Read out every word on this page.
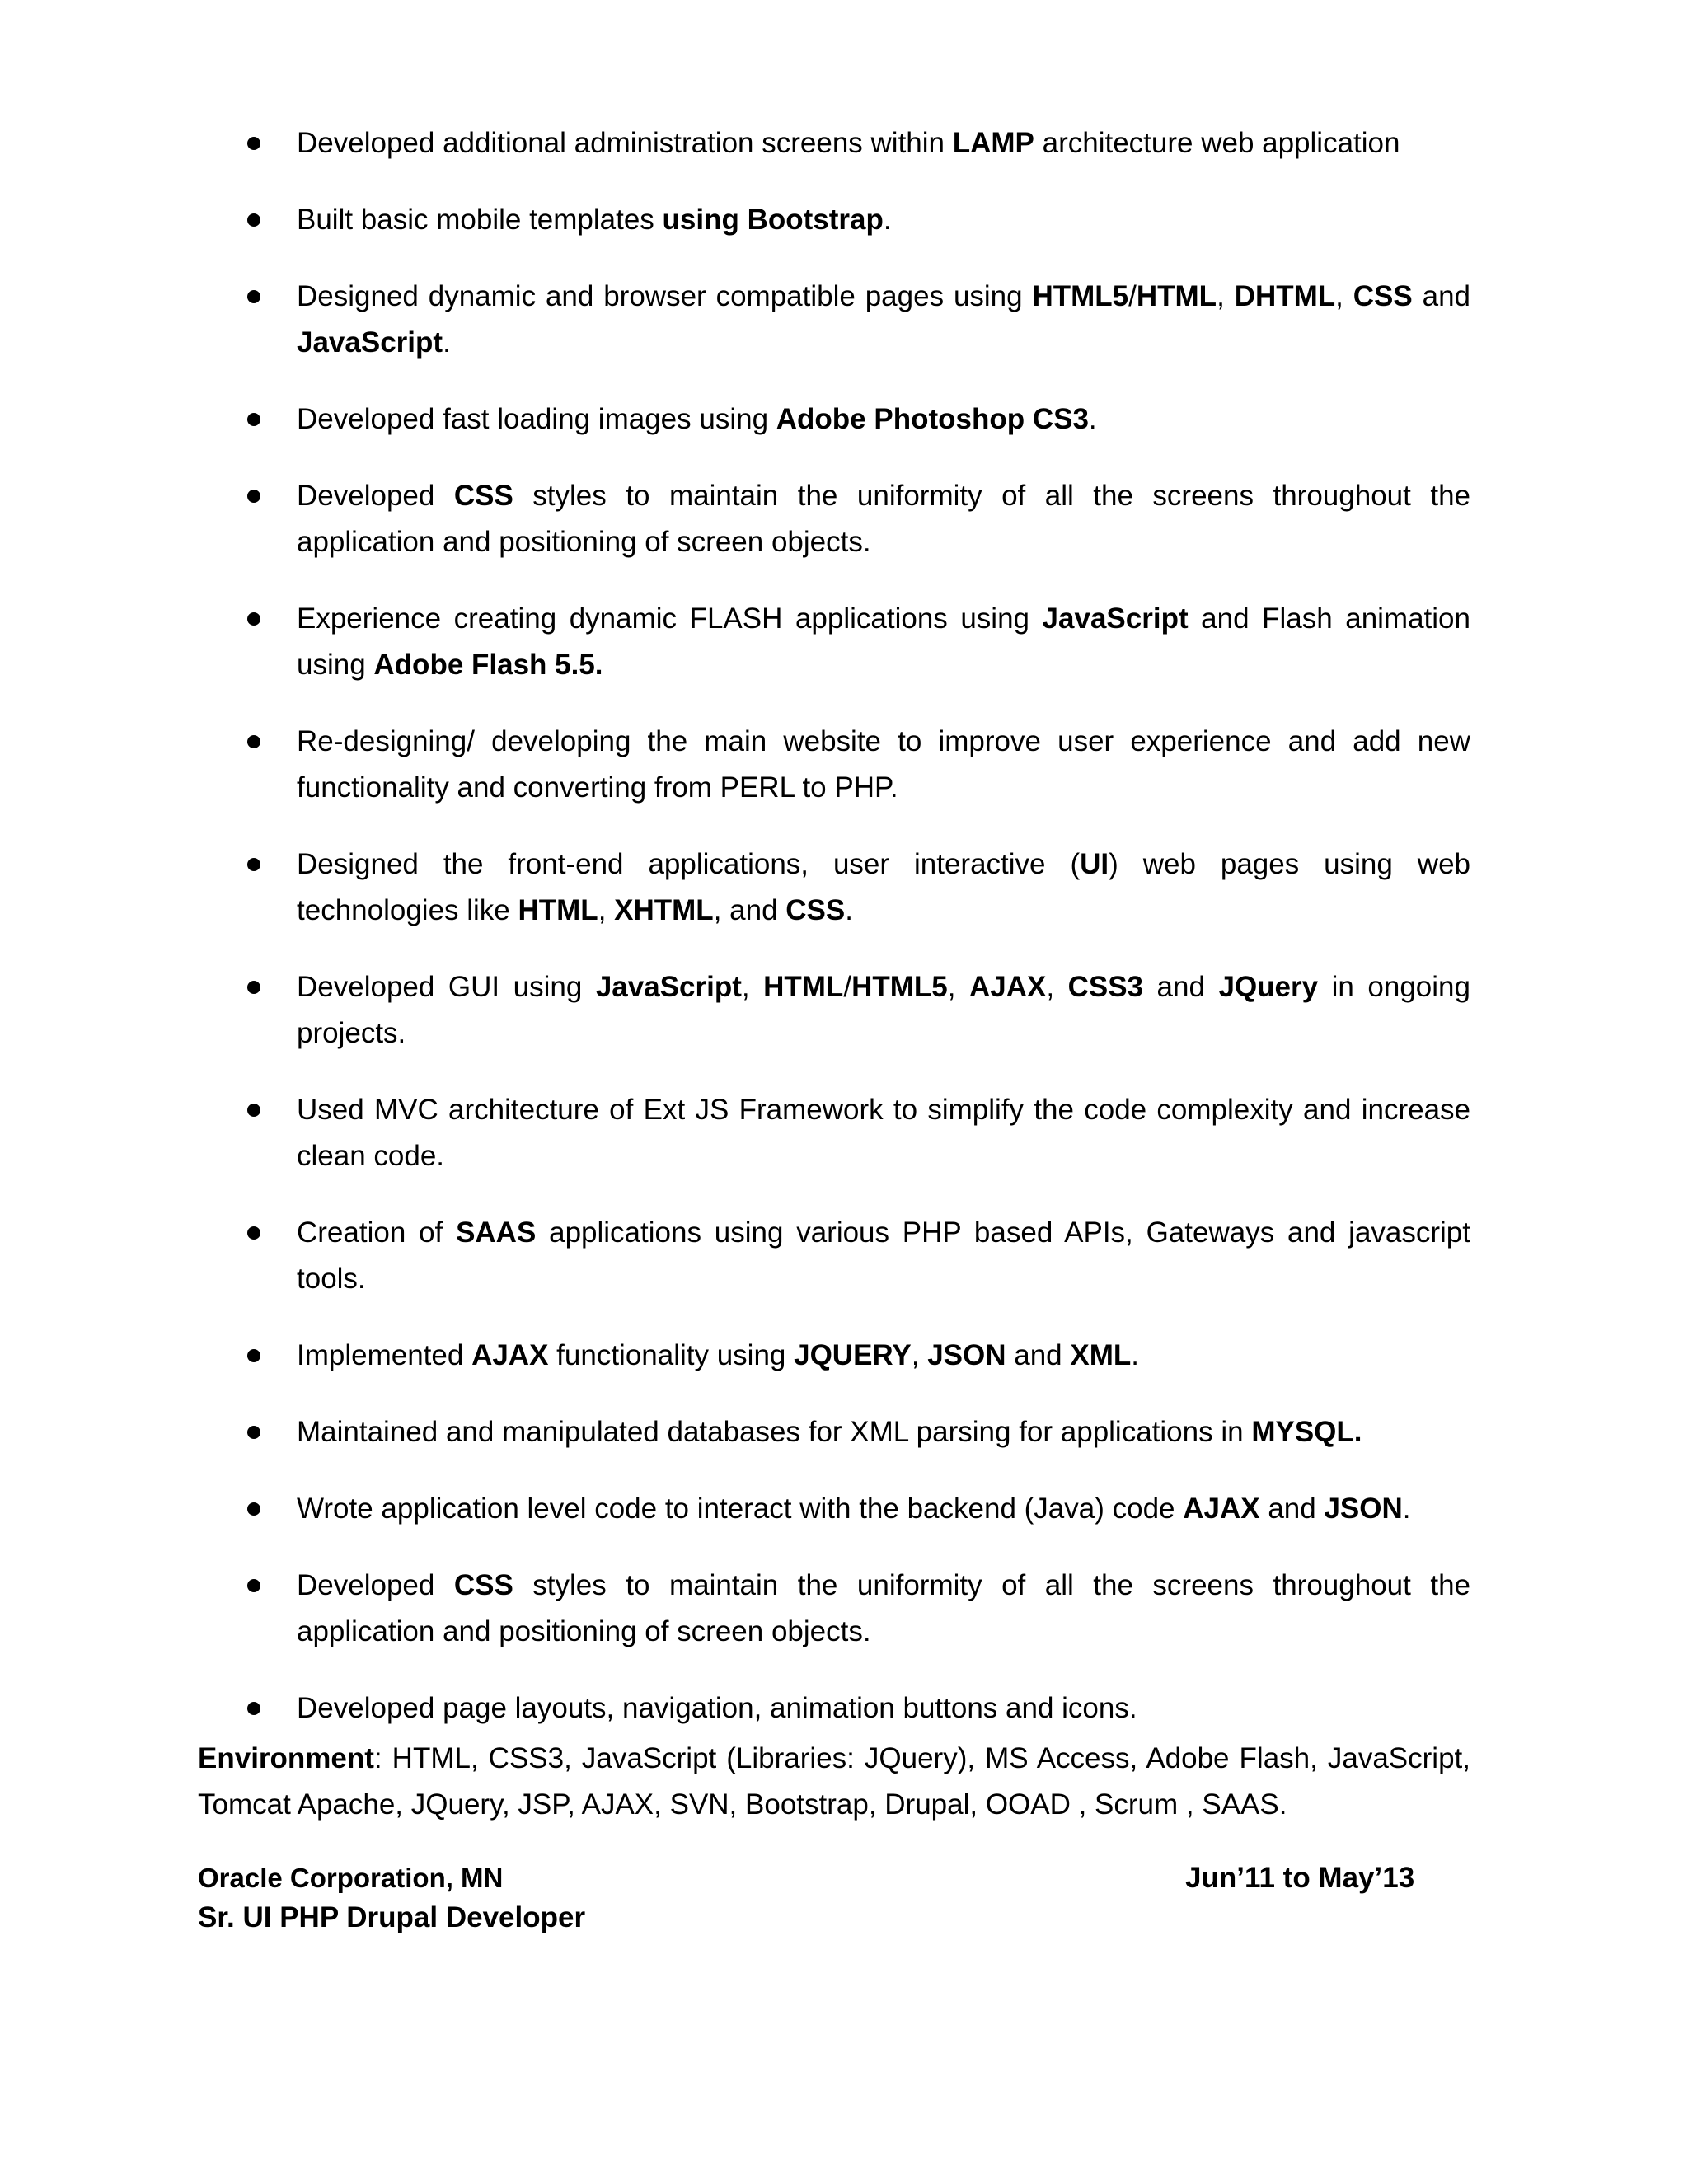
Developed additional administration screens within LAMP architecture web application
Built basic mobile templates using Bootstrap.
Designed dynamic and browser compatible pages using HTML5/HTML, DHTML, CSS and JavaScript.
Developed fast loading images using Adobe Photoshop CS3.
Developed CSS styles to maintain the uniformity of all the screens throughout the application and positioning of screen objects.
Experience creating dynamic FLASH applications using JavaScript and Flash animation using Adobe Flash 5.5.
Re-designing/ developing the main website to improve user experience and add new functionality and converting from PERL to PHP.
Designed the front-end applications, user interactive (UI) web pages using web technologies like HTML, XHTML, and CSS.
Developed GUI using JavaScript, HTML/HTML5, AJAX, CSS3 and JQuery in ongoing projects.
Used MVC architecture of Ext JS Framework to simplify the code complexity and increase clean code.
Creation of SAAS applications using various PHP based APIs, Gateways and javascript tools.
Implemented AJAX functionality using JQUERY, JSON and XML.
Maintained and manipulated databases for XML parsing for applications in MYSQL.
Wrote application level code to interact with the backend (Java) code AJAX and JSON.
Developed CSS styles to maintain the uniformity of all the screens throughout the application and positioning of screen objects.
Developed page layouts, navigation, animation buttons and icons.

Environment: HTML, CSS3, JavaScript (Libraries: JQuery), MS Access, Adobe Flash, JavaScript, Tomcat Apache, JQuery, JSP, AJAX, SVN, Bootstrap, Drupal, OOAD , Scrum , SAAS.

Oracle Corporation, MN	Jun’11 to May’13
Sr. UI PHP Drupal Developer
